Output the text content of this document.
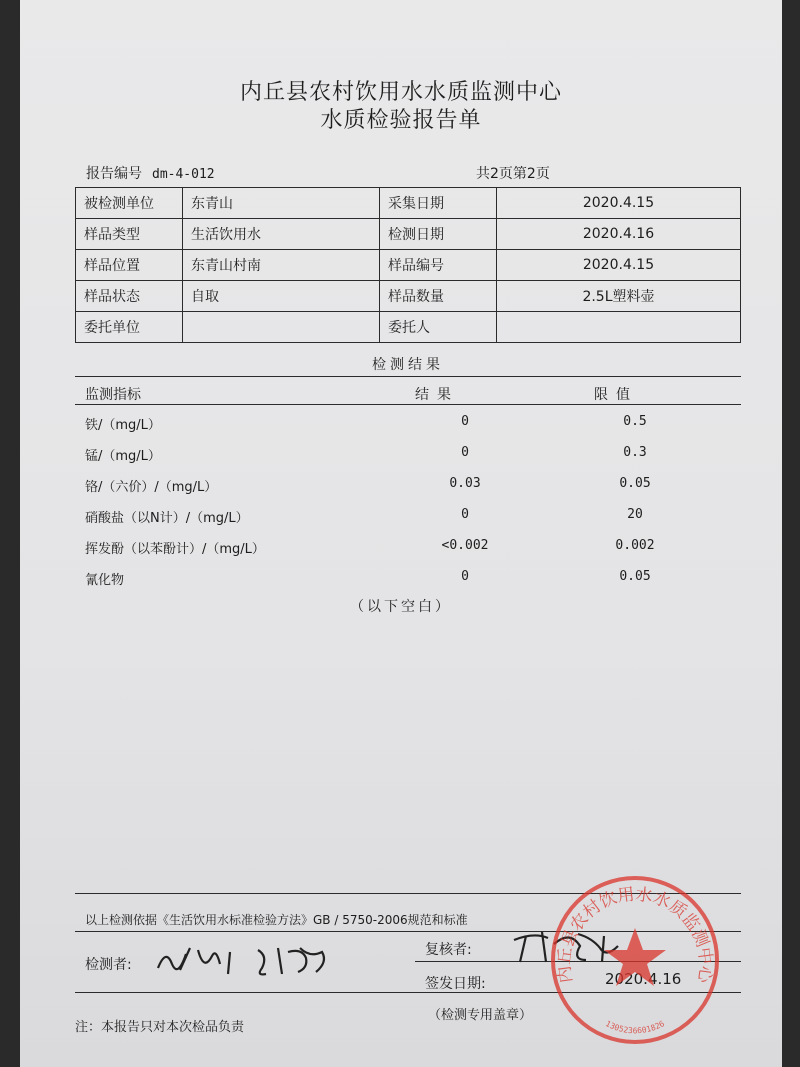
内丘县农村饮用水水质监测中心
水质检验报告单
报告编号 dm-4-012	共2页第2页
被检测单位	东青山	采集日期	2020.4.15
样品类型	生活饮用水	检测日期	2020.4.16
样品位置	东青山村南	样品编号	2020.4.15
样品状态	自取	样品数量	2.5L塑料壶
委托单位		委托人	
检测结果
监测指标	结果	限值
铁/（mg/L）	0	0.5
锰/（mg/L）	0	0.3
铬/（六价）/（mg/L）	0.03	0.05
硝酸盐（以N计）/（mg/L）	0	20
挥发酚（以苯酚计）/（mg/L）	<0.002	0.002
氰化物	0	0.05
（以下空白）
以上检测依据《生活饮用水标准检验方法》GB / 5750-2006规范和标准
检测者:
复核者:
签发日期:	2020.4.16
注：本报告只对本次检品负责
（检测专用盖章）
内丘县农村饮用水水质监测中心
1305236601826
